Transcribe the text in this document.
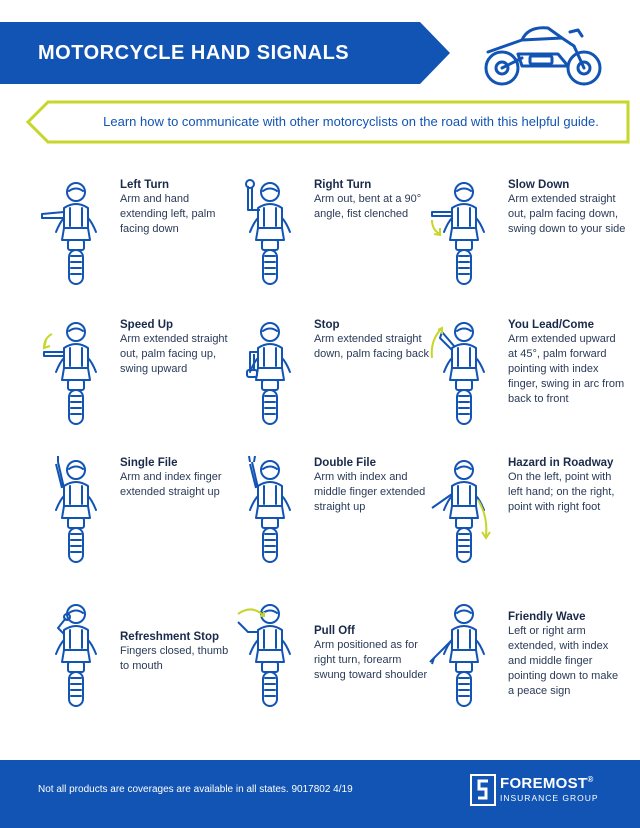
MOTORCYCLE HAND SIGNALS
Learn how to communicate with other motorcyclists on the road with this helpful guide.
Left Turn
Arm and hand extending left, palm facing down
Right Turn
Arm out, bent at a 90° angle, fist clenched
Slow Down
Arm extended straight out, palm facing down, swing down to your side
Speed Up
Arm extended straight out, palm facing up, swing upward
Stop
Arm extended straight down, palm facing back
You Lead/Come
Arm extended upward at 45°, palm forward pointing with index finger, swing in arc from back to front
Single File
Arm and index finger extended straight up
Double File
Arm with index and middle finger extended straight up
Hazard in Roadway
On the left, point with left hand; on the right, point with right foot
Refreshment Stop
Fingers closed, thumb to mouth
Pull Off
Arm positioned as for right turn, forearm swung toward shoulder
Friendly Wave
Left or right arm extended, with index and middle finger pointing down to make a peace sign
Not all products are coverages are available in all states. 9017802 4/19	FOREMOST®
INSURANCE GROUP
